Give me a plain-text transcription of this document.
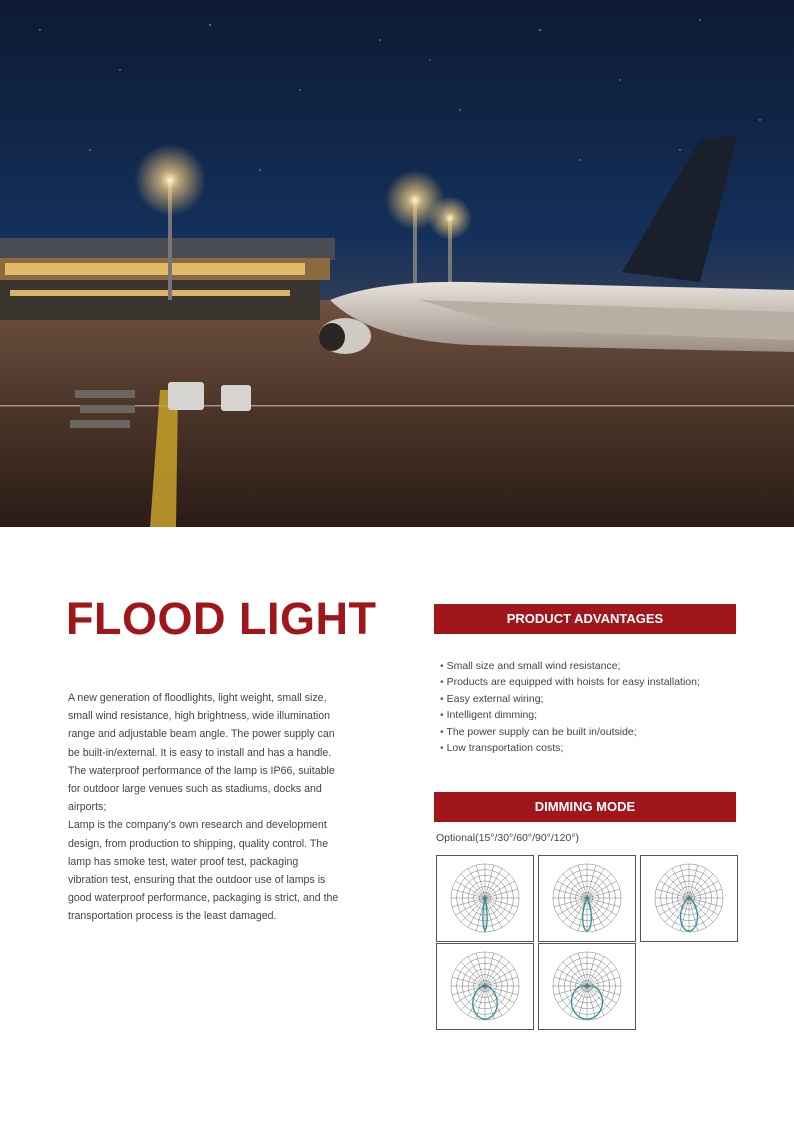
FLOOD LIGHT

A new generation of floodlights, light weight, small size, small wind resistance, high brightness, wide illumination range and adjustable beam angle. The power supply can be built-in/external. It is easy to install and has a handle. The waterproof performance of the lamp is IP66, suitable for outdoor large venues such as stadiums, docks and airports;

Lamp is the company's own research and development design, from production to shipping, quality control. The lamp has smoke test, water proof test, packaging vibration test, ensuring that the outdoor use of lamps is good waterproof performance, packaging is strict, and the transportation process is the least damaged.

PRODUCT ADVANTAGES
• Small size and small wind resistance;
• Products are equipped with hoists for easy installation;
• Easy external wiring;
• Intelligent dimming;
• The power supply can be built in/outside;
• Low transportation costs;
DIMMING MODE
Optional(15°/30°/60°/90°/120°)
